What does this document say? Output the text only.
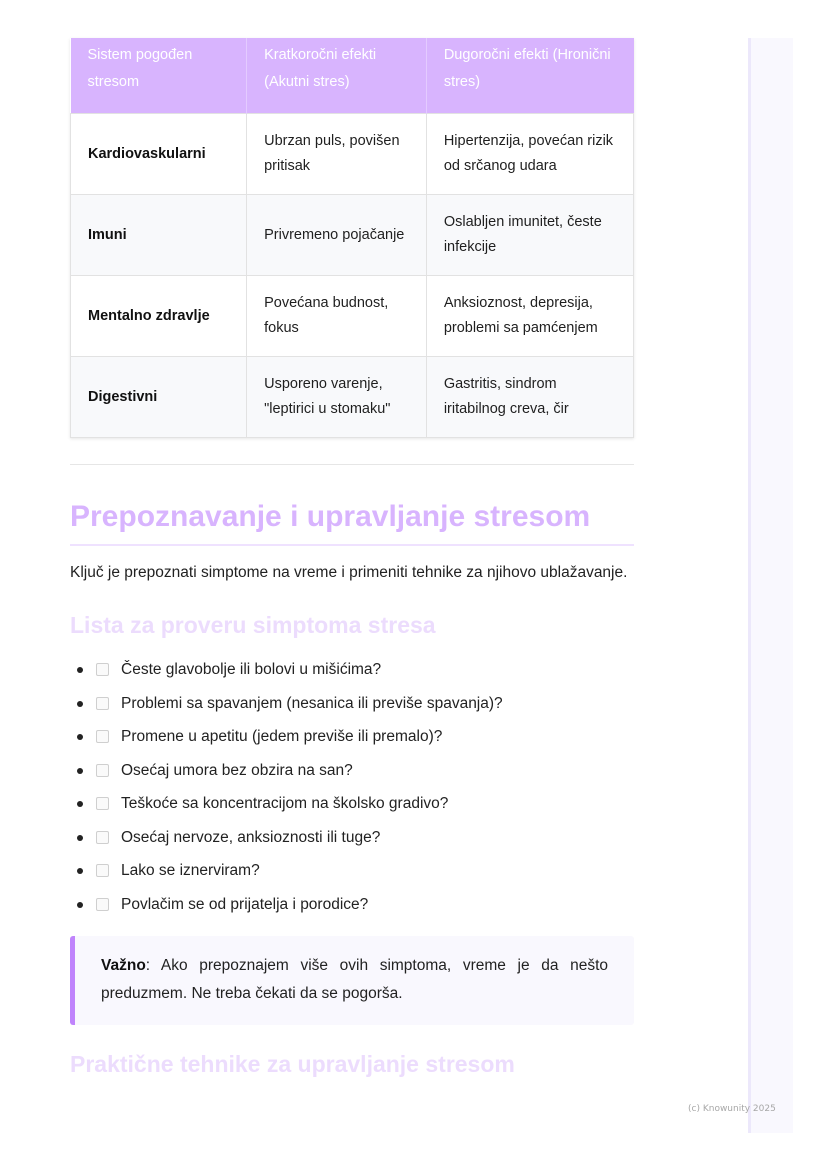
(c) Knowunity 2025
Sistem pogođen stresom	Kratkoročni efekti (Akutni stres)	Dugoročni efekti (Hronični stres)
Kardiovaskularni	Ubrzan puls, povišen pritisak	Hipertenzija, povećan rizik od srčanog udara
Imuni	Privremeno pojačanje	Oslabljen imunitet, česte infekcije
Mentalno zdravlje	Povećana budnost, fokus	Anksioznost, depresija, problemi sa pamćenjem
Digestivni	Usporeno varenje, "leptirici u stomaku"	Gastritis, sindrom iritabilnog creva, čir
Prepoznavanje i upravljanje stresom

Ključ je prepoznati simptome na vreme i primeniti tehnike za njihovo ublažavanje.

Lista za proveru simptoma stresa
Česte glavobolje ili bolovi u mišićima?
Problemi sa spavanjem (nesanica ili previše spavanja)?
Promene u apetitu (jedem previše ili premalo)?
Osećaj umora bez obzira na san?
Teškoće sa koncentracijom na školsko gradivo?
Osećaj nervoze, anksioznosti ili tuge?
Lako se iznerviram?
Povlačim se od prijatelja i porodice?
Važno: Ako prepoznajem više ovih simptoma, vreme je da nešto preduzmem. Ne treba čekati da se pogorša.
Praktične tehnike za upravljanje stresom
